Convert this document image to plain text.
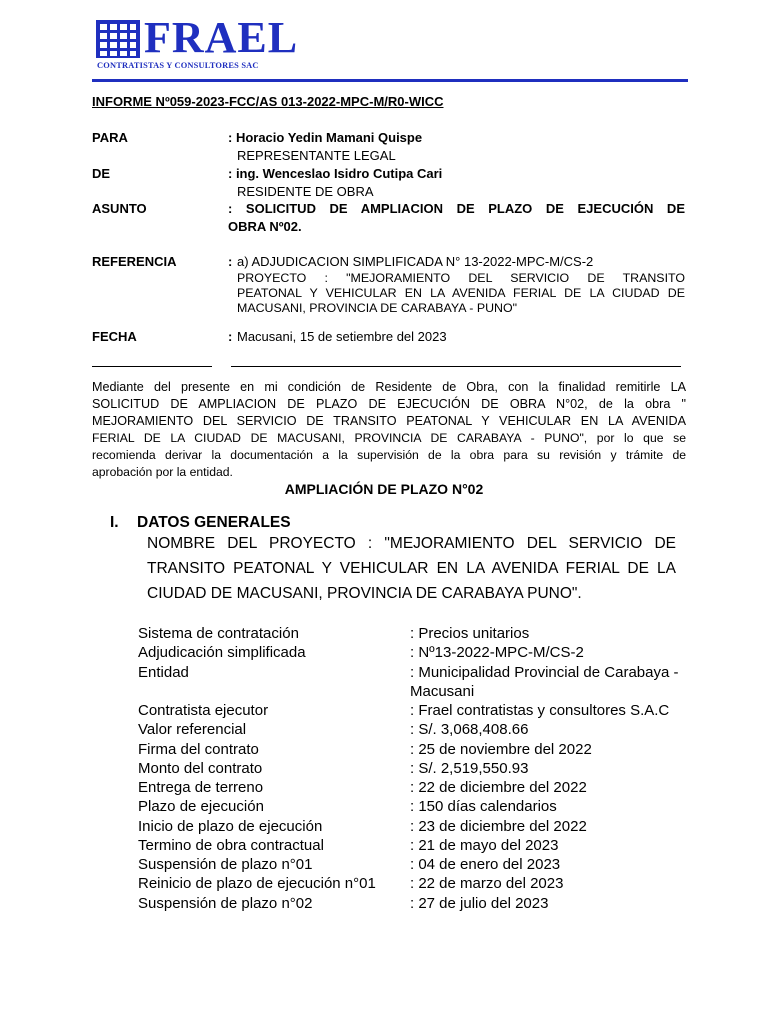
FRAEL
CONTRATISTAS Y CONSULTORES SAC
INFORME Nº059-2023-FCC/AS 013-2022-MPC-M/R0-WICC
PARA	: Horacio Yedin Mamani Quispe
REPRESENTANTE LEGAL
DE	: ing. Wenceslao Isidro Cutipa Cari
RESIDENTE DE OBRA
ASUNTO	: SOLICITUD DE AMPLIACION DE PLAZO DE EJECUCIÓN DE
OBRA Nº02.
REFERENCIA	: a) ADJUDICACION SIMPLIFICADA N° 13-2022-MPC-M/CS-2
PROYECTO : "MEJORAMIENTO DEL SERVICIO DE TRANSITO
PEATONAL Y VEHICULAR EN LA AVENIDA FERIAL DE LA CIUDAD DE
MACUSANI, PROVINCIA DE CARABAYA - PUNO"
FECHA	: Macusani, 15 de setiembre del 2023
Mediante del presente en mi condición de Residente de Obra, con la finalidad remitirle LA
SOLICITUD DE AMPLIACION DE PLAZO DE EJECUCIÓN DE OBRA N°02, de la obra "
MEJORAMIENTO DEL SERVICIO DE TRANSITO PEATONAL Y VEHICULAR EN LA AVENIDA
FERIAL DE LA CIUDAD DE MACUSANI, PROVINCIA DE CARABAYA - PUNO", por lo que se
recomienda derivar la documentación a la supervisión de la obra para su revisión y trámite de
aprobación por la entidad.
AMPLIACIÓN DE PLAZO N°02
I. DATOS GENERALES
NOMBRE DEL PROYECTO : "MEJORAMIENTO DEL SERVICIO DE
TRANSITO PEATONAL Y VEHICULAR EN LA AVENIDA FERIAL DE LA
CIUDAD DE MACUSANI, PROVINCIA DE CARABAYA PUNO".
Sistema de contratación	: Precios unitarios
Adjudicación simplificada	: Nº13-2022-MPC-M/CS-2
Entidad	: Municipalidad Provincial de Carabaya -
Macusani
Contratista ejecutor	: Frael contratistas y consultores S.A.C
Valor referencial	: S/. 3,068,408.66
Firma del contrato	: 25 de noviembre del 2022
Monto del contrato	: S/. 2,519,550.93
Entrega de terreno	: 22 de diciembre del 2022
Plazo de ejecución	: 150 días calendarios
Inicio de plazo de ejecución	: 23 de diciembre del 2022
Termino de obra contractual	: 21 de mayo del 2023
Suspensión de plazo n°01	: 04 de enero del 2023
Reinicio de plazo de ejecución n°01 : 22 de marzo del 2023
Suspensión de plazo n°02	: 27 de julio del 2023
